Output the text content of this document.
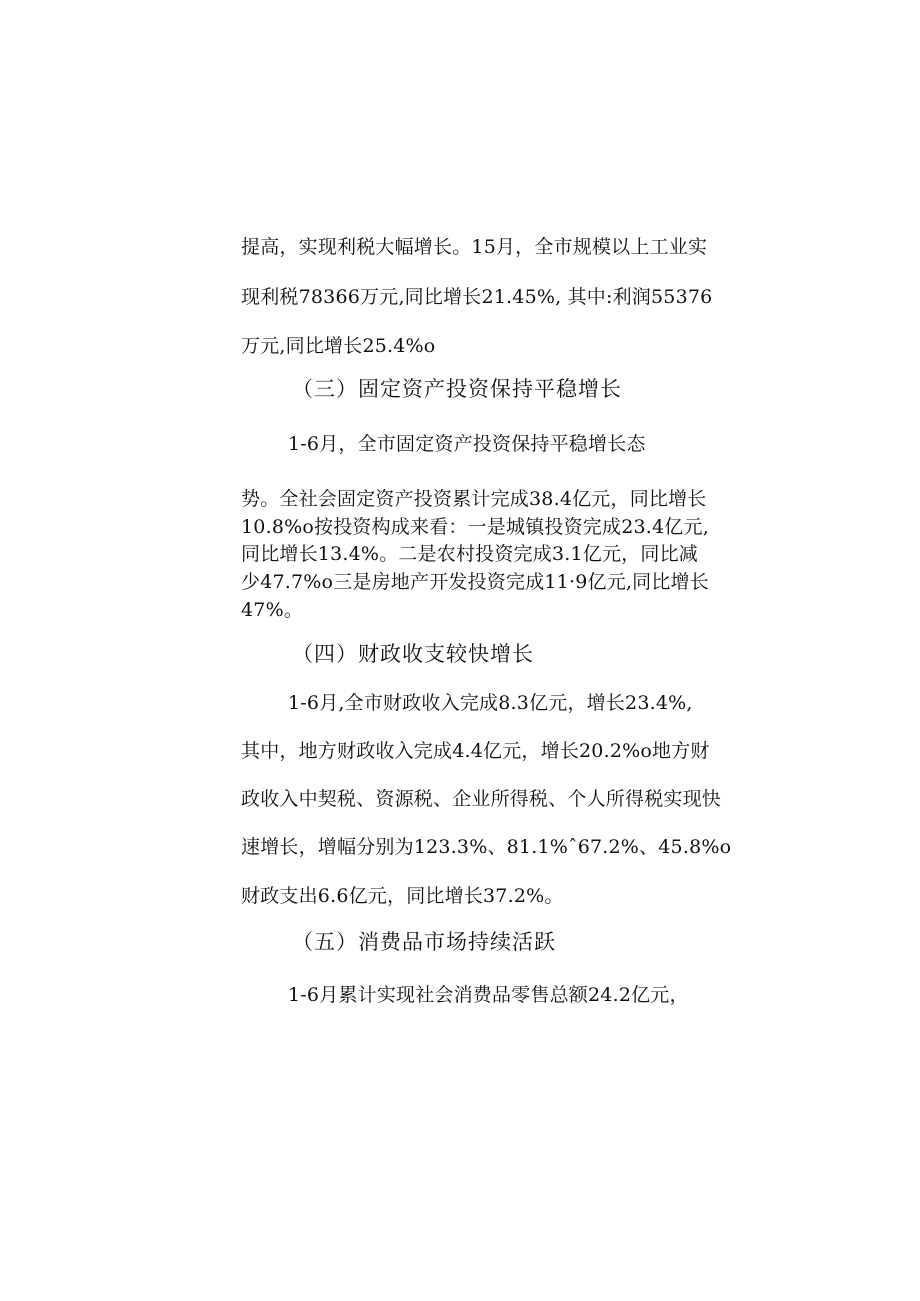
提高，实现利税大幅增长。15月，全市规模以上工业实
现利税78366万元,同比增长21.45%, 其中:利润55376
万元,同比增长25.4%o
（三）固定资产投资保持平稳增长
1-6月，全市固定资产投资保持平稳增长态
势。全社会固定资产投资累计完成38.4亿元，同比增长
10.8%o按投资构成来看：一是城镇投资完成23.4亿元,
同比增长13.4%。二是农村投资完成3.1亿元，同比减
少47.7%o三是房地产开发投资完成11·9亿元,同比增长
47%。
（四）财政收支较快增长
1-6月,全市财政收入完成8.3亿元，增长23.4%,
其中，地方财政收入完成4.4亿元，增长20.2%o地方财
政收入中契税、资源税、企业所得税、个人所得税实现快
速增长，增幅分别为123.3%、81.1%ˆ67.2%、45.8%o
财政支出6.6亿元，同比增长37.2%。
（五）消费品市场持续活跃
1-6月累计实现社会消费品零售总额24.2亿元，
